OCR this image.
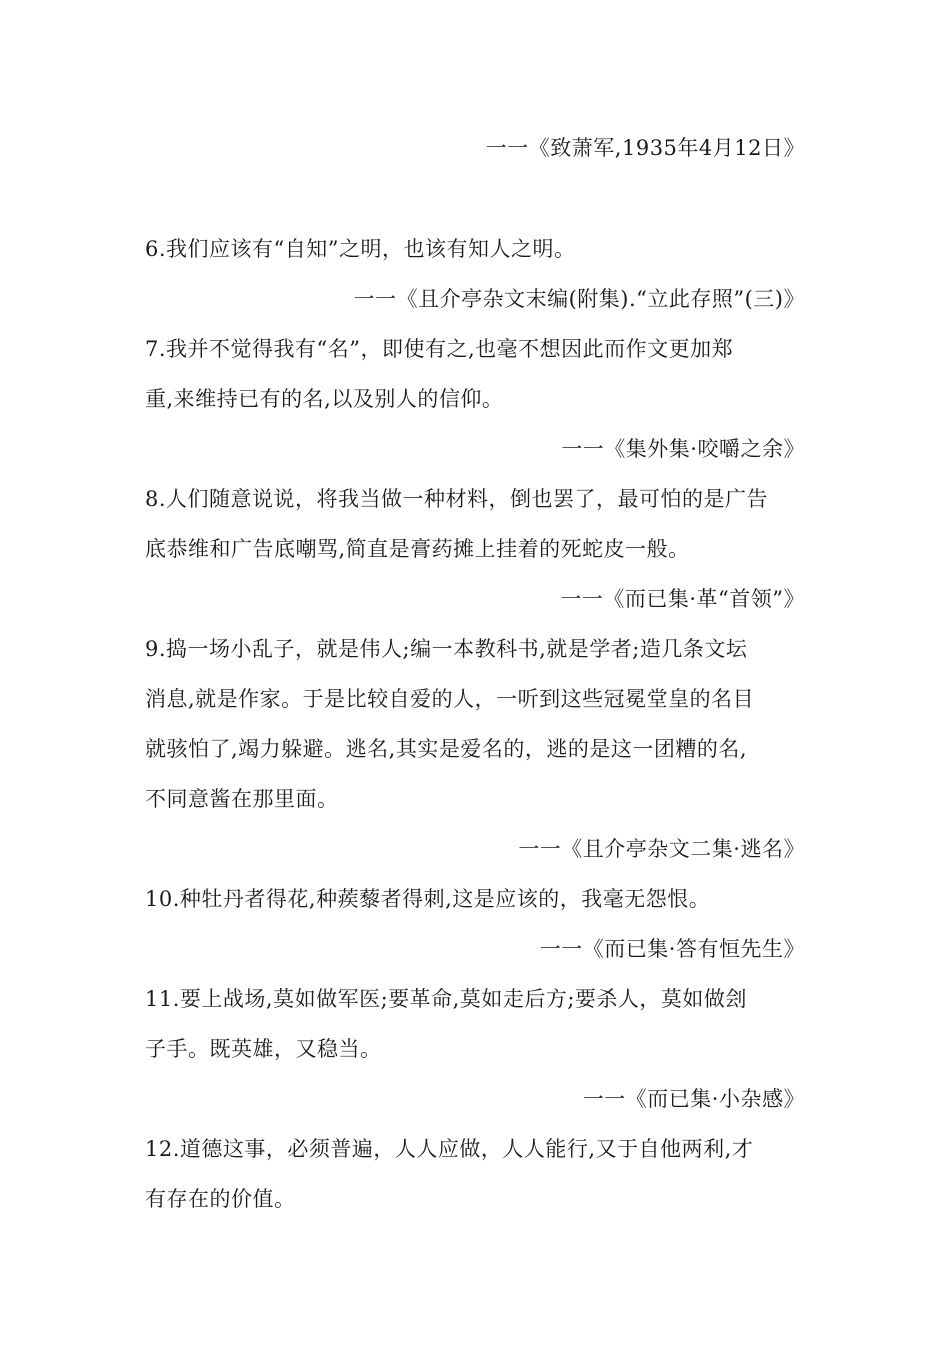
一一《致萧军,1935年4月12日》
6.我们应该有“自知”之明，也该有知人之明。
一一《且介亭杂文末编(附集).“立此存照”(三)》
7.我并不觉得我有“名”，即使有之,也毫不想因此而作文更加郑
重,来维持已有的名,以及别人的信仰。
一一《集外集·咬嚼之余》
8.人们随意说说，将我当做一种材料，倒也罢了，最可怕的是广告
底恭维和广告底嘲骂,简直是膏药摊上挂着的死蛇皮一般。
一一《而已集·革“首领”》
9.捣一场小乱子，就是伟人;编一本教科书,就是学者;造几条文坛
消息,就是作家。于是比较自爱的人，一听到这些冠冕堂皇的名目
就骇怕了,竭力躲避。逃名,其实是爱名的，逃的是这一团糟的名,
不同意酱在那里面。
一一《且介亭杂文二集·逃名》
10.种牡丹者得花,种蒺藜者得刺,这是应该的，我毫无怨恨。
一一《而已集·答有恒先生》
11.要上战场,莫如做军医;要革命,莫如走后方;要杀人，莫如做刽
子手。既英雄，又稳当。
一一《而已集·小杂感》
12.道德这事，必须普遍，人人应做，人人能行,又于自他两利,才
有存在的价值。
